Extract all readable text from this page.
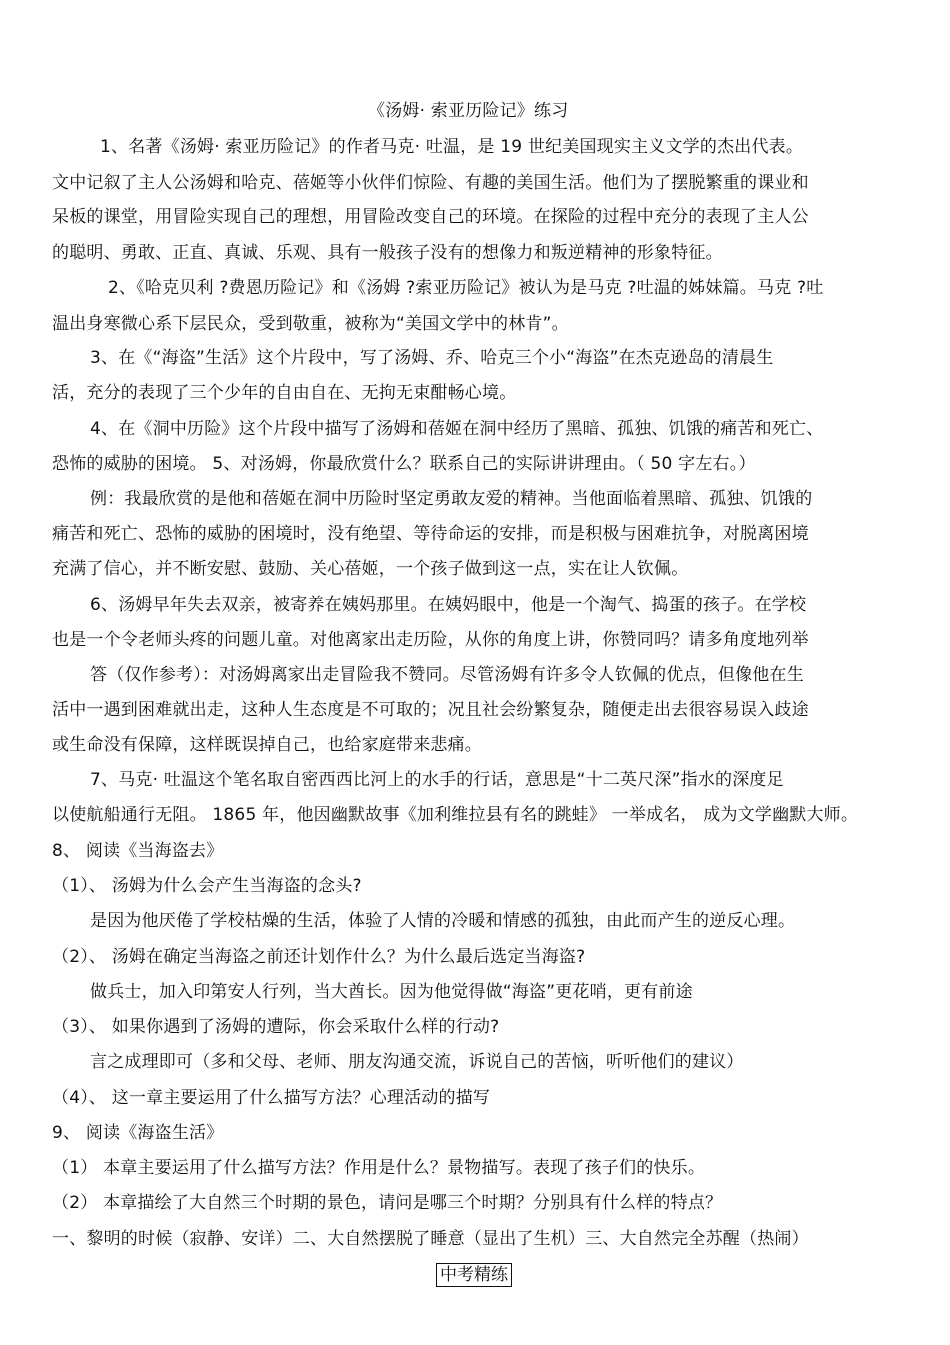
《汤姆· 索亚历险记》练习
1、名著《汤姆· 索亚历险记》的作者马克· 吐温，是 19 世纪美国现实主义文学的杰出代表。
文中记叙了主人公汤姆和哈克、蓓姬等小伙伴们惊险、有趣的美国生活。他们为了摆脱繁重的课业和
呆板的课堂，用冒险实现自己的理想，用冒险改变自己的环境。在探险的过程中充分的表现了主人公
的聪明、勇敢、正直、真诚、乐观、具有一般孩子没有的想像力和叛逆精神的形象特征。
2、《哈克贝利 ?费恩历险记》和《汤姆 ?索亚历险记》被认为是马克 ?吐温的姊妹篇。马克 ?吐
温出身寒微心系下层民众，受到敬重，被称为“美国文学中的林肯”。
3、在《“海盗”生活》这个片段中，写了汤姆、乔、哈克三个小“海盗”在杰克逊岛的清晨生
活，充分的表现了三个少年的自由自在、无拘无束酣畅心境。
4、在《洞中历险》这个片段中描写了汤姆和蓓姬在洞中经历了黑暗、孤独、饥饿的痛苦和死亡、
恐怖的威胁的困境。 5、对汤姆，你最欣赏什么？联系自己的实际讲讲理由。（ 50 字左右。）
例：我最欣赏的是他和蓓姬在洞中历险时坚定勇敢友爱的精神。当他面临着黑暗、孤独、饥饿的
痛苦和死亡、恐怖的威胁的困境时，没有绝望、等待命运的安排，而是积极与困难抗争，对脱离困境
充满了信心，并不断安慰、鼓励、关心蓓姬，一个孩子做到这一点，实在让人钦佩。
6、汤姆早年失去双亲，被寄养在姨妈那里。在姨妈眼中，他是一个淘气、捣蛋的孩子。在学校
也是一个令老师头疼的问题儿童。对他离家出走历险，从你的角度上讲，你赞同吗？请多角度地列举
答（仅作参考）：对汤姆离家出走冒险我不赞同。尽管汤姆有许多令人钦佩的优点，但像他在生
活中一遇到困难就出走，这种人生态度是不可取的；况且社会纷繁复杂，随便走出去很容易误入歧途
或生命没有保障，这样既误掉自己，也给家庭带来悲痛。
7、马克· 吐温这个笔名取自密西西比河上的水手的行话，意思是“十二英尺深”指水的深度足
以使航船通行无阻。 1865 年，他因幽默故事《加利维拉县有名的跳蛙》 一举成名， 成为文学幽默大师。
8、 阅读《当海盗去》
（1）、 汤姆为什么会产生当海盗的念头?
是因为他厌倦了学校枯燥的生活，体验了人情的冷暖和情感的孤独，由此而产生的逆反心理。
（2）、 汤姆在确定当海盗之前还计划作什么？为什么最后选定当海盗?
做兵士，加入印第安人行列，当大酋长。因为他觉得做“海盗”更花哨，更有前途
（3）、 如果你遇到了汤姆的遭际，你会采取什么样的行动?
言之成理即可（多和父母、老师、朋友沟通交流，诉说自己的苦恼，听听他们的建议）
（4）、 这一章主要运用了什么描写方法？心理活动的描写
9、 阅读《海盗生活》
（1） 本章主要运用了什么描写方法？作用是什么？景物描写。表现了孩子们的快乐。
（2） 本章描绘了大自然三个时期的景色，请问是哪三个时期？分别具有什么样的特点？
一、黎明的时候（寂静、安详）二、大自然摆脱了睡意（显出了生机）三、大自然完全苏醒（热闹）
中考精练
